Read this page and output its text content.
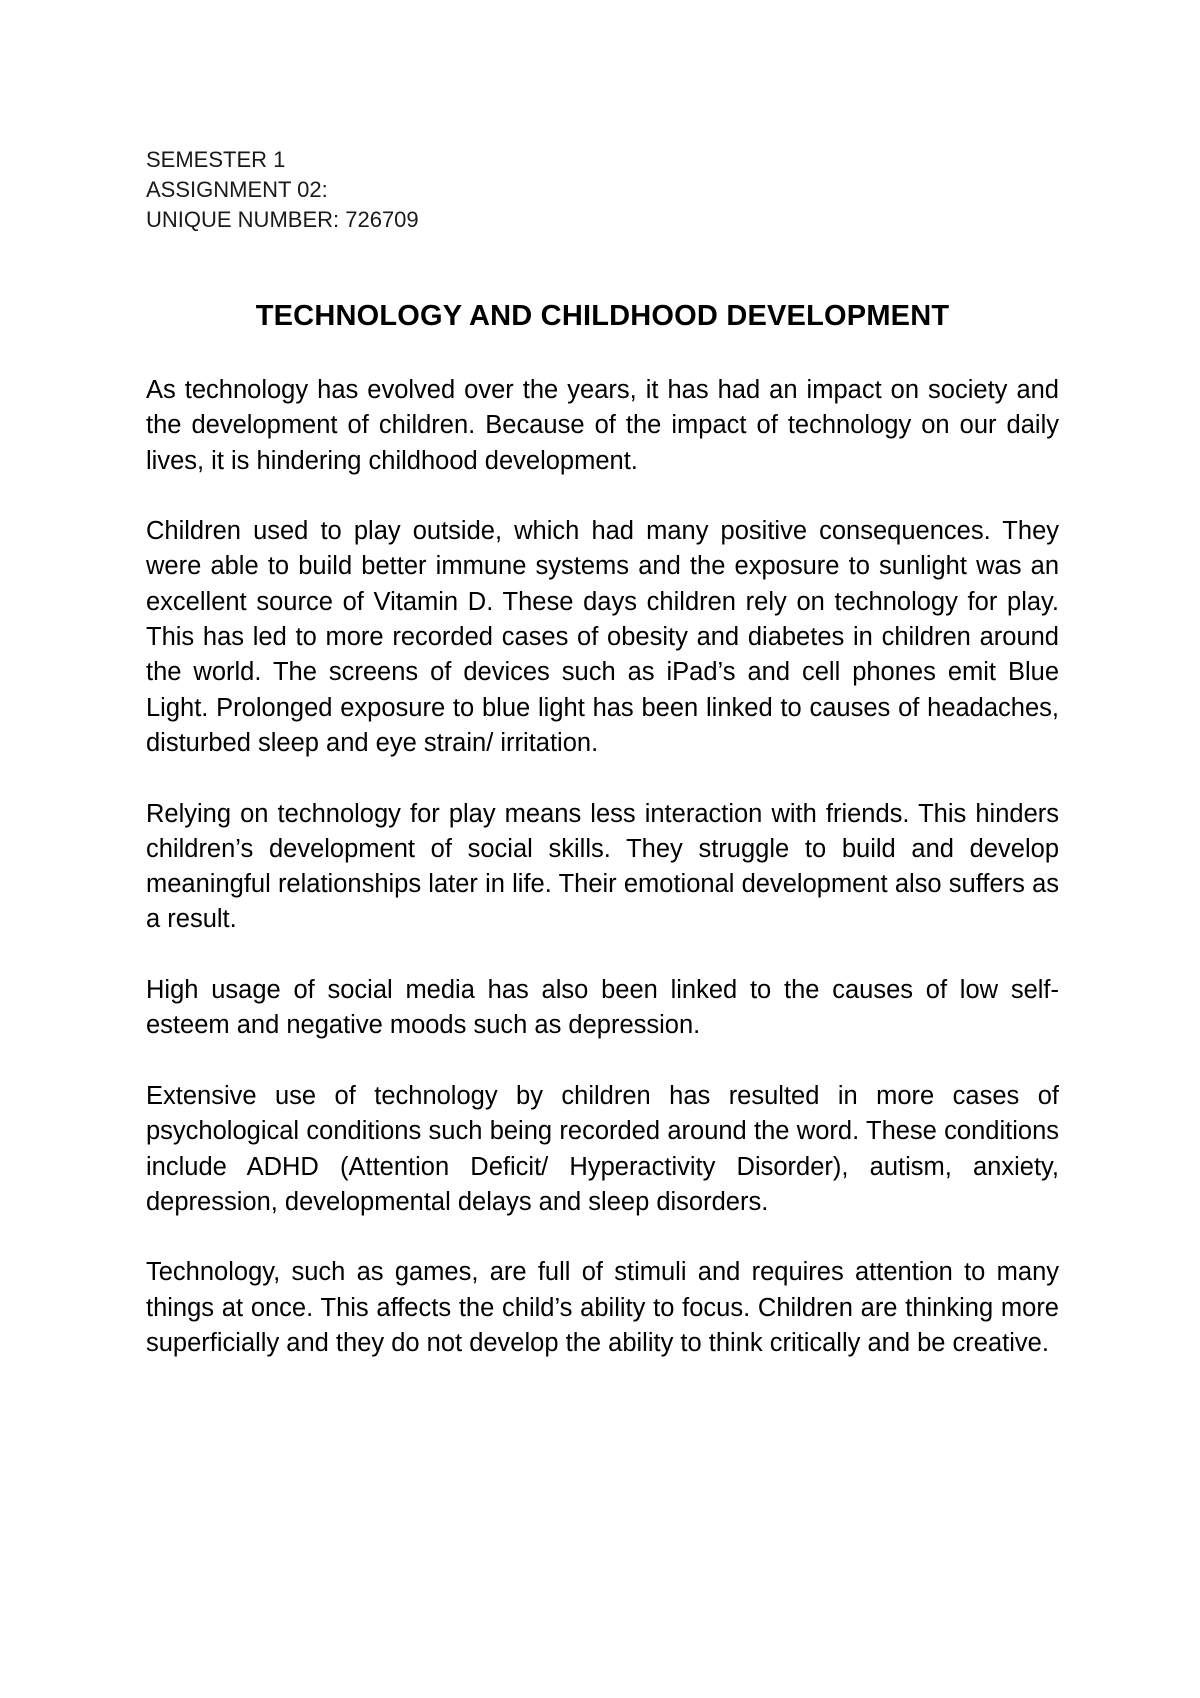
SEMESTER 1
ASSIGNMENT 02:
UNIQUE NUMBER: 726709
TECHNOLOGY AND CHILDHOOD DEVELOPMENT

As technology has evolved over the years, it has had an impact on society and the development of children. Because of the impact of technology on our daily lives, it is hindering childhood development.

Children used to play outside, which had many positive consequences. They were able to build better immune systems and the exposure to sunlight was an excellent source of Vitamin D. These days children rely on technology for play. This has led to more recorded cases of obesity and diabetes in children around the world. The screens of devices such as iPad’s and cell phones emit Blue Light. Prolonged exposure to blue light has been linked to causes of headaches, disturbed sleep and eye strain/ irritation.

Relying on technology for play means less interaction with friends. This hinders children’s development of social skills. They struggle to build and develop meaningful relationships later in life. Their emotional development also suffers as a result.

High usage of social media has also been linked to the causes of low self-esteem and negative moods such as depression.

Extensive use of technology by children has resulted in more cases of psychological conditions such being recorded around the word. These conditions include ADHD (Attention Deficit/ Hyperactivity Disorder), autism, anxiety, depression, developmental delays and sleep disorders.

Technology, such as games, are full of stimuli and requires attention to many things at once. This affects the child’s ability to focus. Children are thinking more superficially and they do not develop the ability to think critically and be creative.
